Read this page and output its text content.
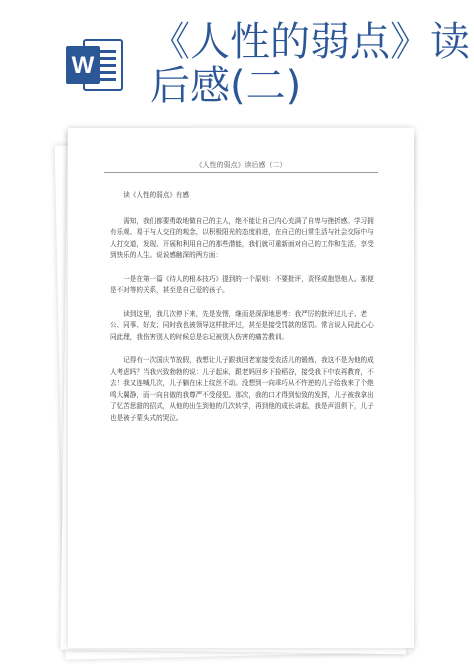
W
《人性的弱点》读
后感(二)
《人性的弱点》读后感（二）

读《人性的弱点》有感

需知，我们都要勇敢地做自己的主人，绝不能让自己内心充满了自卑与挫折感。学习拥有乐观、易于与人交往的观念，以积极阳光的态度前进，在自己的日常生活与社会交际中与人打交道，发现、开展和利用自己的那些潜能，我们就可重新面对自己的工作和生活，享受到快乐的人生。说说感触深的两方面：

一是在第一篇《待人的根本技巧》提到的一个原则：不要批评，责怪或抱怨他人。那便是不对等的关系，甚至是自己爱的孩子。

读到这里，我几次停下来，先是发愣，继而是深深地思考：我严厉的批评过儿子、老公、同事、好友；同时我也被领导这样批评过，甚至是接受罚款的惩罚。常言说人同此心心同此理，我伤害别人的时候总是忘记被别人伤害的痛苦教训。

记得有一次国庆节放假，我想让儿子跟我回老家接受农活儿的锻炼，我这不是为他的成人考虑吗？当我兴致勃勃的说：儿子起床，跟老妈回乡下捡稻谷，接受我下中农再教育，不去！我又连喊几次，儿子躺在床上纹丝不动。没想到一向乖巧从不忤逆的儿子给我来了个绝鸣大翼静，而一向自傲的我尊严不受侵犯。那次，我的口才得到惊致的发挥，儿子被我拿出了忆苦思甜的招式，从他的出生到他的几次转学，再到他的成长讲起，我是声泪俱下，儿子也是被子蒙头式的哭泣。
